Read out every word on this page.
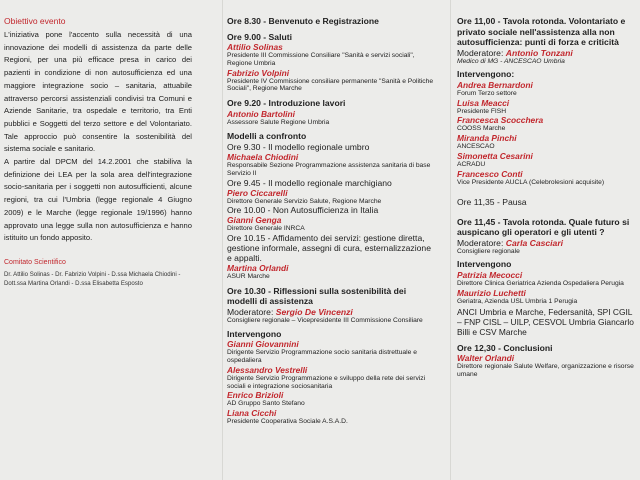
Obiettivo evento

L'iniziativa pone l'accento sulla necessità di una innovazione dei modelli di assistenza da parte delle Regioni, per una più efficace presa in carico dei pazienti in condizione di non autosufficienza ed una maggiore integrazione socio – sanitaria, attuabile attraverso percorsi assistenziali condivisi tra Comuni e Aziende Sanitarie, tra ospedale e territorio, tra Enti pubblici e Soggetti del terzo settore e del Volontariato. Tale approccio può consentire la sostenibilità del sistema sociale e sanitario.

A partire dal DPCM del 14.2.2001 che stabiliva la definizione dei LEA per la sola area dell'integrazione socio-sanitaria per i soggetti non autosufficienti, alcune regioni, tra cui l'Umbria (legge regionale 4 Giugno 2009) e le Marche (legge regionale 19/1996) hanno approvato una legge sulla non autosufficienza e hanno istituito un fondo apposito.

Comitato Scientifico
Dr. Attilio Solinas - Dr. Fabrizio Volpini - D.ssa Michaela Chiodini - Dott.ssa Martina Orlandi - D.ssa Elisabetta Esposto
Ore 8.30 - Benvenuto e Registrazione
Ore 9.00 - Saluti
Attilio Solinas
Presidente III Commissione Consiliare "Sanità e servizi sociali", Regione Umbria
Fabrizio Volpini
Presidente IV Commissione consiliare permanente "Sanità e Politiche Sociali", Regione Marche
Ore 9.20 - Introduzione lavori
Antonio Bartolini
Assessore Salute Regione Umbria
Modelli a confronto
Ore 9.30 - Il modello regionale umbro
Michaela Chiodini
Responsabile Sezione Programmazione assistenza sanitaria di base Servizio II
Ore 9.45 - Il modello regionale marchigiano
Piero Ciccarelli
Direttore Generale Servizio Salute, Regione Marche
Ore 10.00 - Non Autosufficienza in Italia
Gianni Genga
Direttore Generale INRCA
Ore 10.15 - Affidamento dei servizi: gestione diretta, gestione informale, assegni di cura, esternalizzazione e appalti.
Martina Orlandi
ASUR Marche
Ore 10.30 - Riflessioni sulla sostenibilità dei modelli di assistenza
Moderatore: Sergio De Vincenzi
Consigliere regionale – Vicepresidente III Commissione Consiliare
Intervengono
Gianni Giovannini
Dirigente Servizio Programmazione socio sanitaria distrettuale e ospedaliera
Alessandro Vestrelli
Dirigente Servizio Programmazione e sviluppo della rete dei servizi sociali e integrazione sociosanitaria
Enrico Brizioli
AD Gruppo Santo Stefano
Liana Cicchi
Presidente Cooperativa Sociale A.S.A.D.
Ore 11,00 - Tavola rotonda. Volontariato e privato sociale nell'assistenza alla non autosufficienza: punti di forza e criticità
Moderatore: Antonio Tonzani
Medico di MG - ANCESCAO Umbria
Intervengono:
Andrea Bernardoni
Forum Terzo settore
Luisa Meacci
Presidente FISH
Francesca Scocchera
COOSS Marche
Miranda Pinchi
ANCESCAO
Simonetta Cesarini
ACRADU
Francesco Conti
Vice Presidente AUCLA (Celebrolesioni acquisite)
Ore 11,35 - Pausa
Ore 11,45 - Tavola rotonda. Quale futuro si auspicano gli operatori e gli utenti ?
Moderatore: Carla Casciari
Consigliere regionale
Intervengono
Patrizia Mecocci
Direttore Clinica Geriatrica Azienda Ospedaliera Perugia
Maurizio Luchetti
Geriatra, Azienda USL Umbria 1 Perugia
ANCI Umbria e Marche, Federsanità, SPI CGIL – FNP CISL – UILP, CESVOL Umbria Giancarlo Billi e CSV Marche
Ore 12,30 - Conclusioni
Walter Orlandi
Direttore regionale Salute Welfare, organizzazione e risorse umane
